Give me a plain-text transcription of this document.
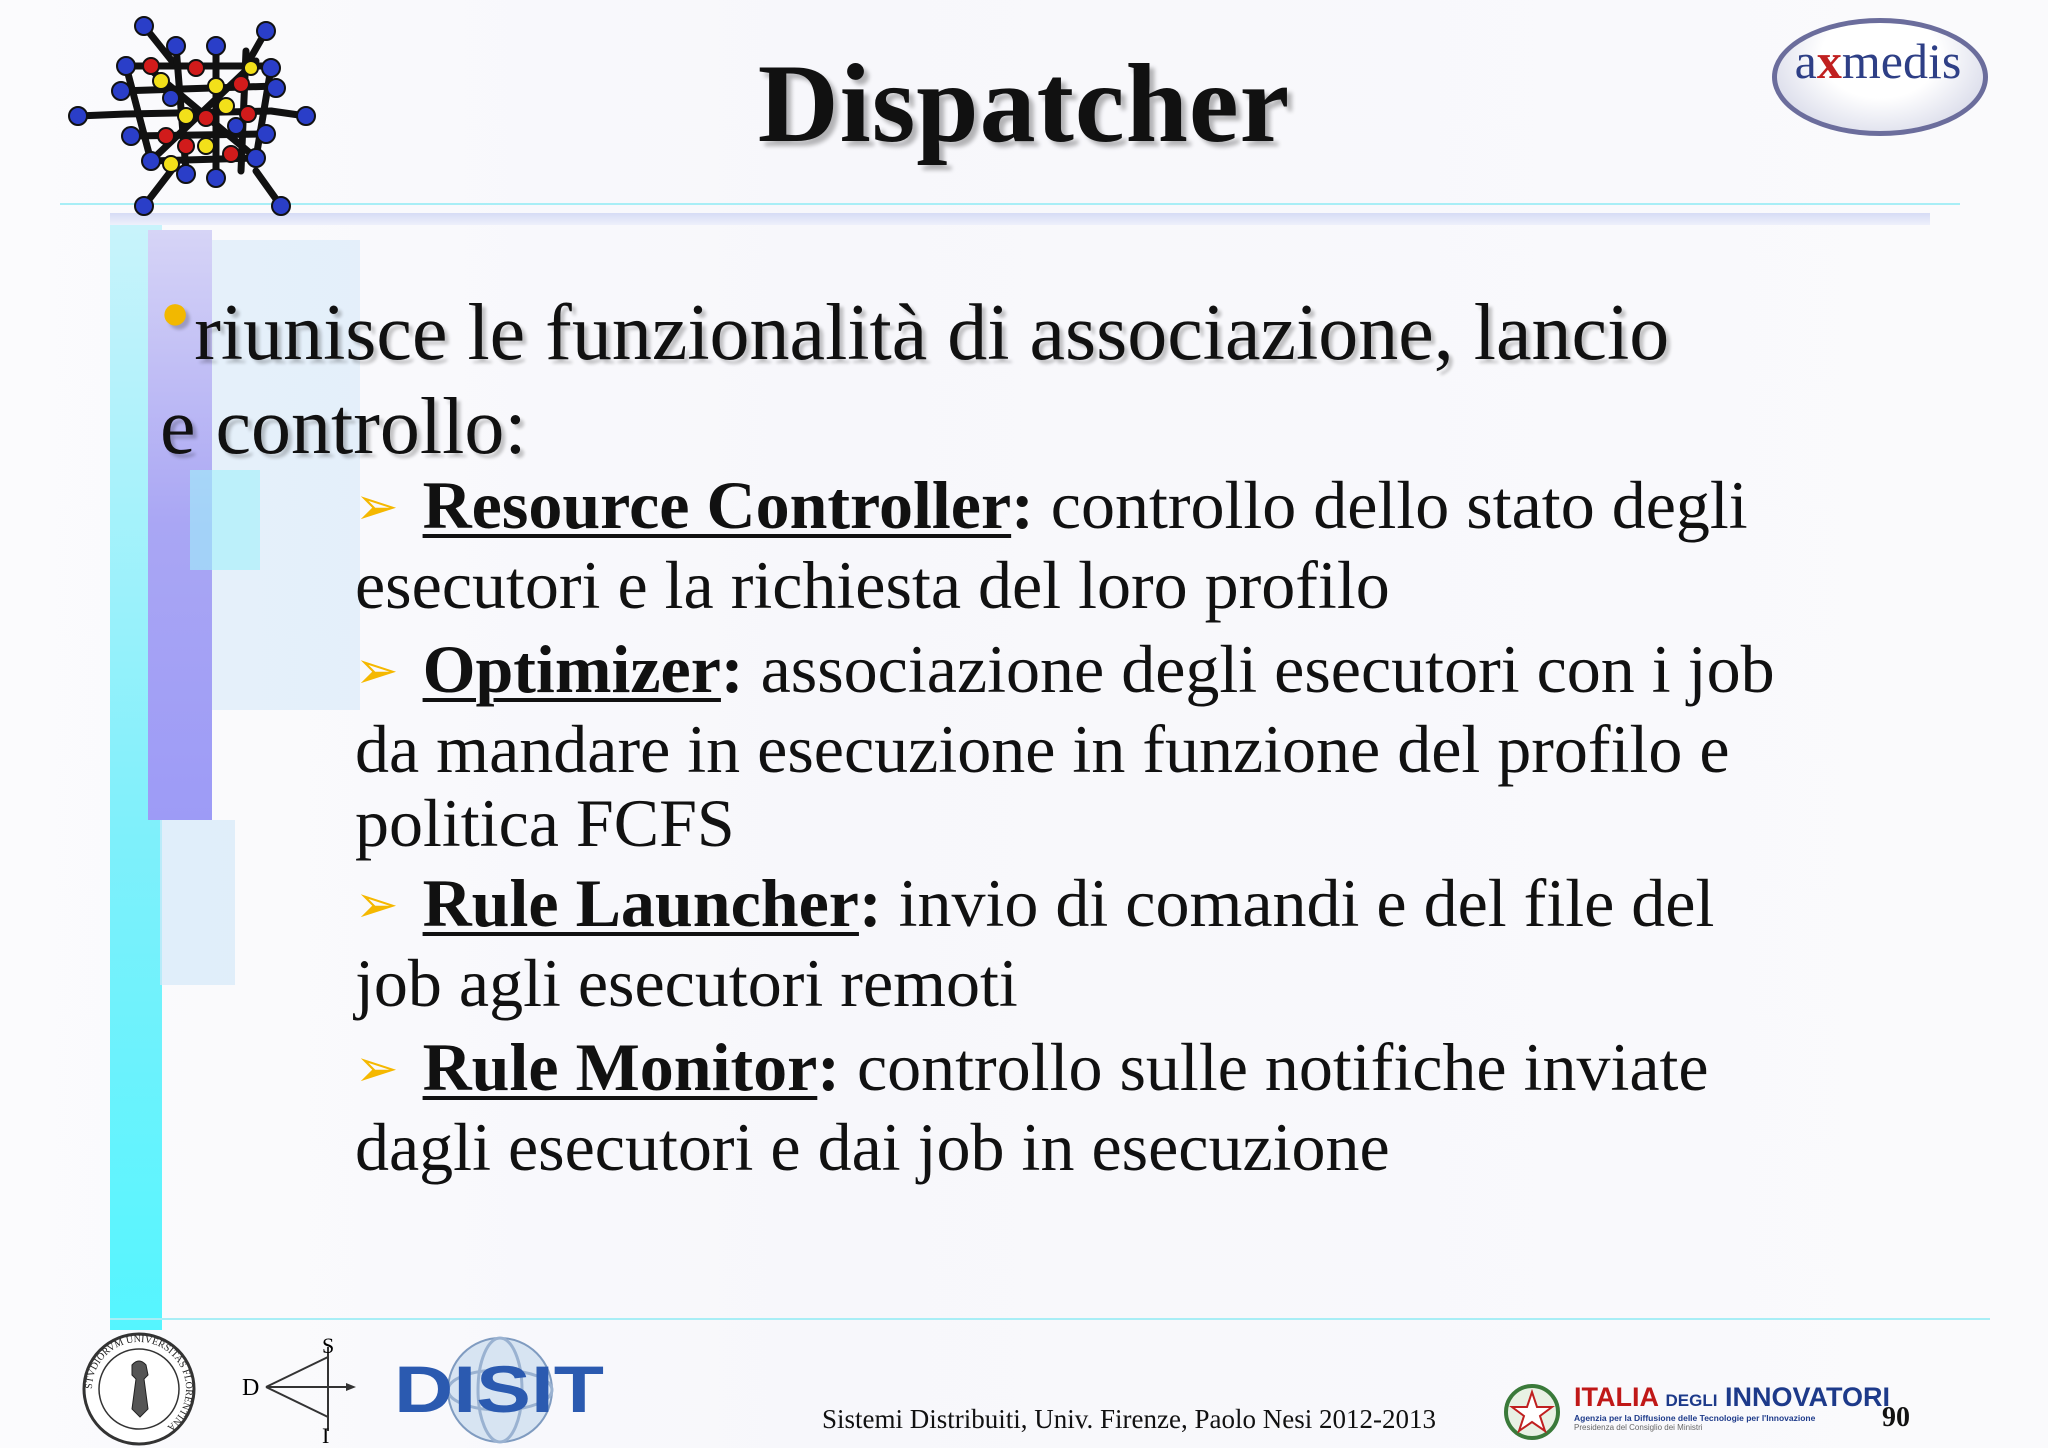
axmedis
Dispatcher
●riunisce le funzionalità di associazione, lancio
e controllo:
➢ Resource Controller: controllo dello stato degli
esecutori e la richiesta del loro profilo
➢ Optimizer: associazione degli esecutori con i job
da mandare in esecuzione in funzione del profilo e
politica FCFS
➢ Rule Launcher: invio di comandi e del file del
job agli esecutori remoti
➢ Rule Monitor: controllo sulle notifiche inviate
dagli esecutori e dai job in esecuzione
STVDIORVM UNIVERSITAS FLORENTINA
D
S
I
DISIT	Sistemi Distribuiti, Univ. Firenze, Paolo Nesi 2012-2013
ITALIA DEGLI INNOVATORI
Agenzia per la Diffusione delle Tecnologie per l'Innovazione
Presidenza del Consiglio dei Ministri	90
